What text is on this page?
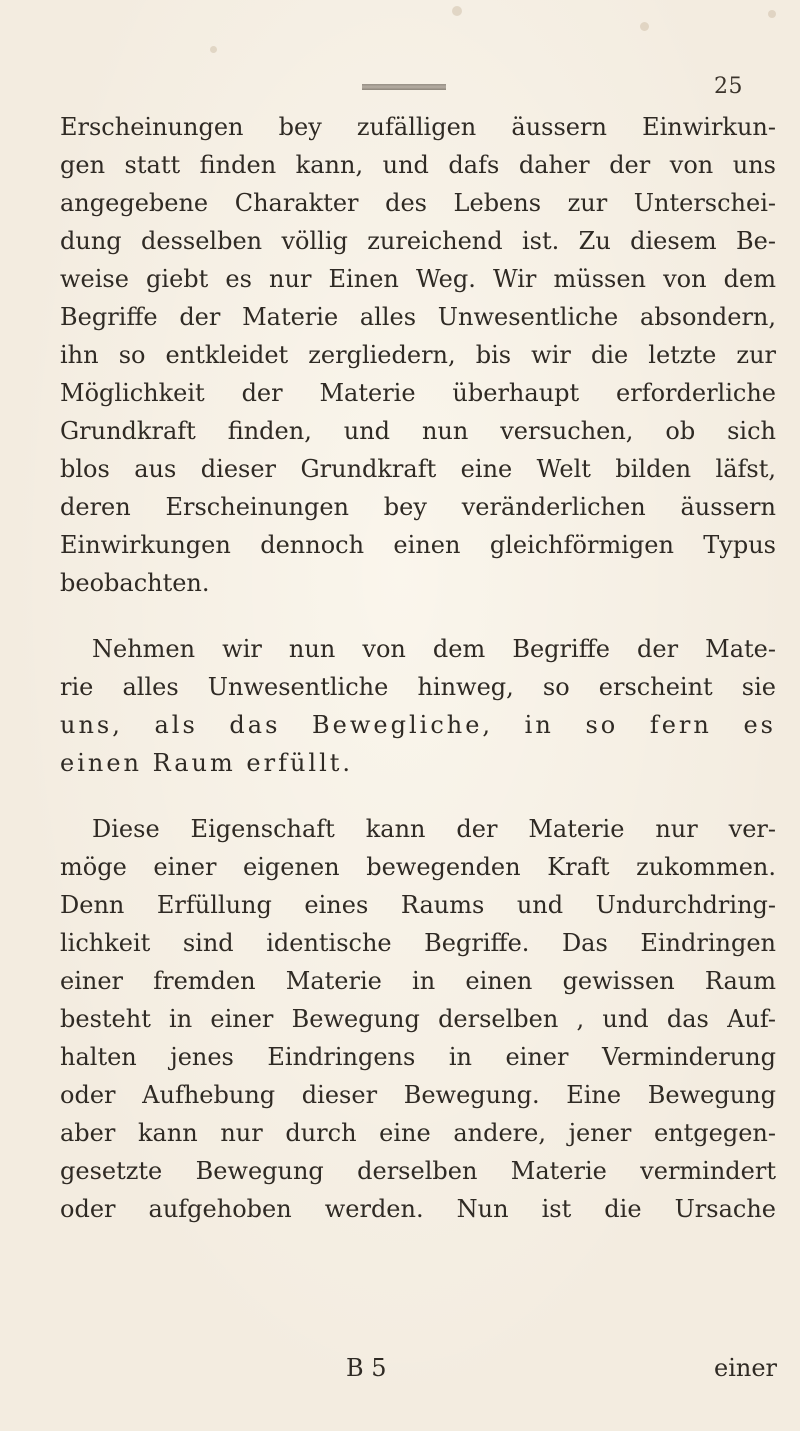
25
Erscheinungen bey zufälligen äussern Einwirkun-
gen statt finden kann, und dafs daher der von uns
angegebene Charakter des Lebens zur Unterschei-
dung desselben völlig zureichend ist. Zu diesem Be-
weise giebt es nur Einen Weg. Wir müssen von dem
Begriffe der Materie alles Unwesentliche absondern,
ihn so entkleidet zergliedern, bis wir die letzte zur
Möglichkeit der Materie überhaupt erforderliche
Grundkraft finden, und nun versuchen, ob sich
blos aus dieser Grundkraft eine Welt bilden läfst,
deren Erscheinungen bey veränderlichen äussern
Einwirkungen dennoch einen gleichförmigen Typus
beobachten.
Nehmen wir nun von dem Begriffe der Mate-
rie alles Unwesentliche hinweg, so erscheint sie
uns, als das Bewegliche, in so fern es
einen Raum erfüllt.
Diese Eigenschaft kann der Materie nur ver-
möge einer eigenen bewegenden Kraft zukommen.
Denn Erfüllung eines Raums und Undurchdring-
lichkeit sind identische Begriffe. Das Eindringen
einer fremden Materie in einen gewissen Raum
besteht in einer Bewegung derselben , und das Auf-
halten jenes Eindringens in einer Verminderung
oder Aufhebung dieser Bewegung. Eine Bewegung
aber kann nur durch eine andere, jener entgegen-
gesetzte Bewegung derselben Materie vermindert
oder aufgehoben werden. Nun ist die Ursache
B 5	einer
